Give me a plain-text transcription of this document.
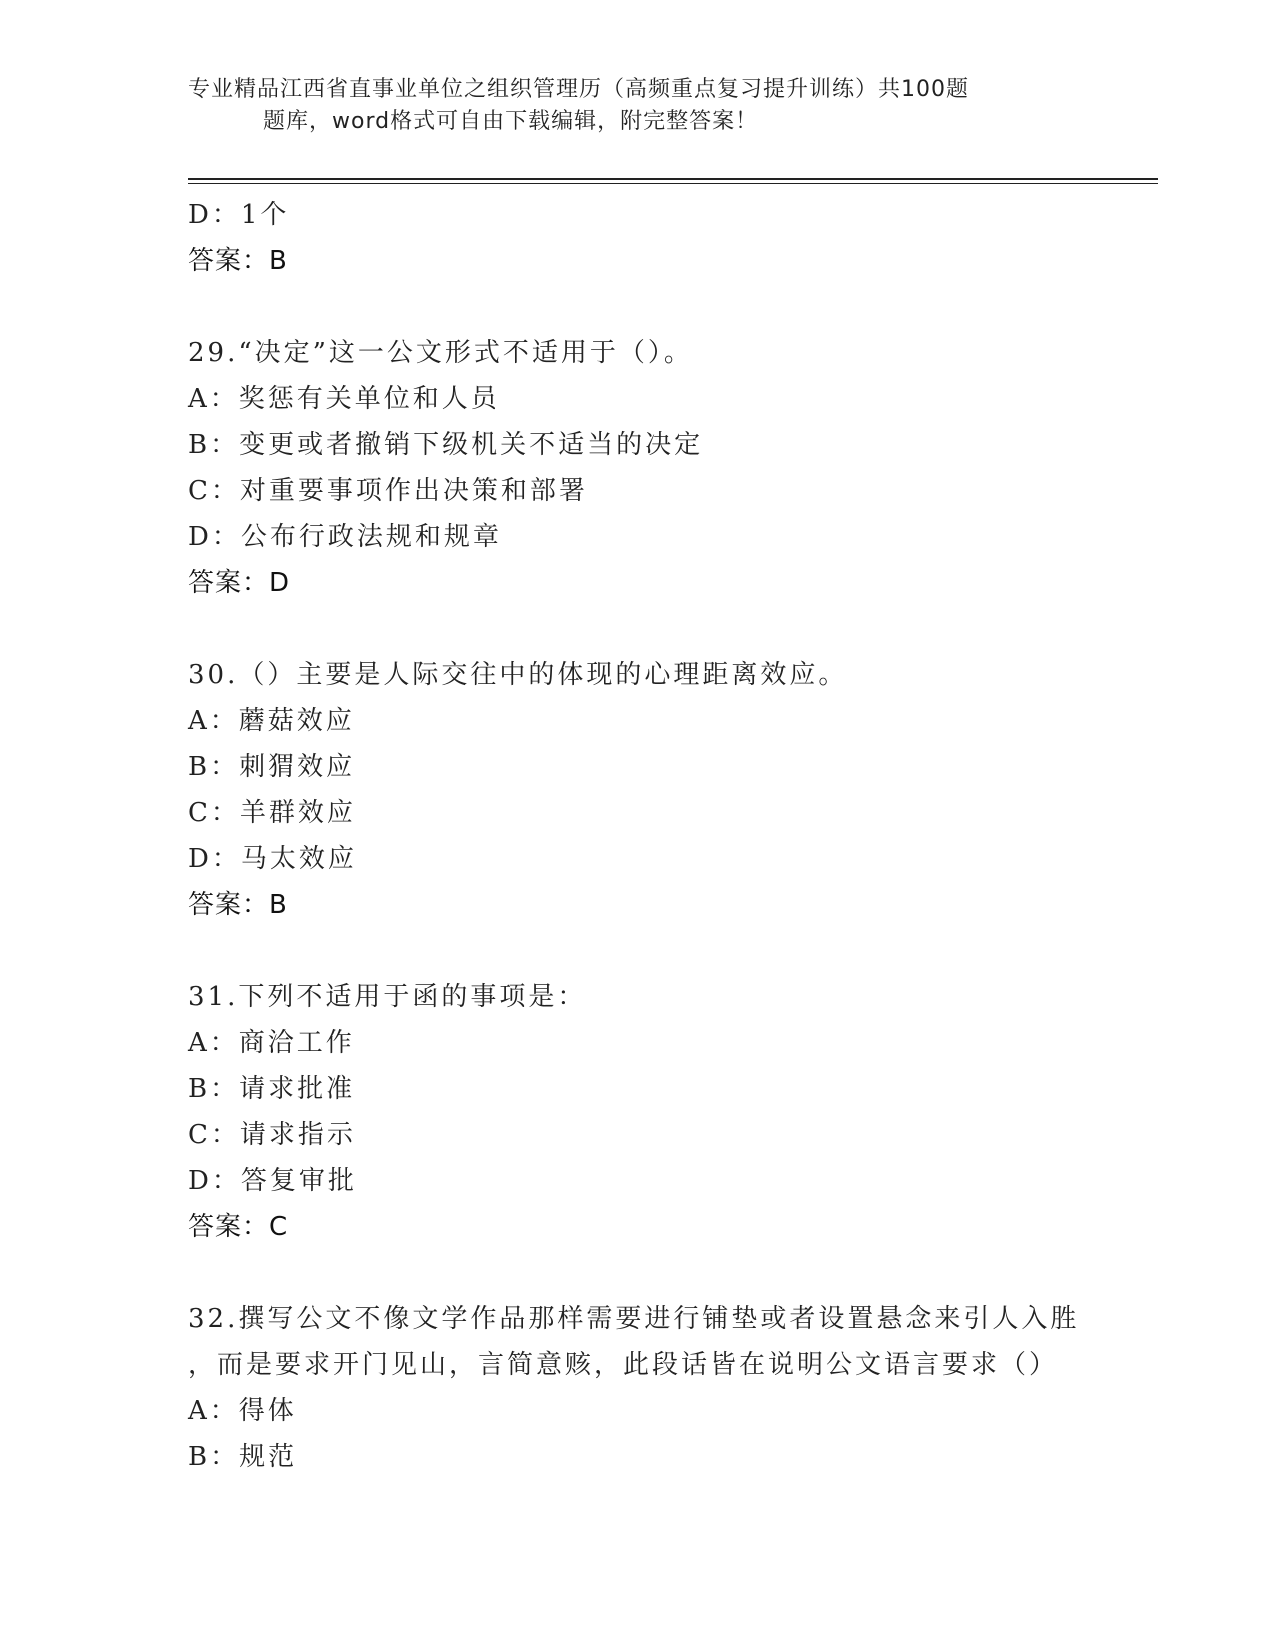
专业精品江西省直事业单位之组织管理历（高频重点复习提升训练）共100题
题库，word格式可自由下载编辑，附完整答案！
D：1个
答案：B
29.“决定”这一公文形式不适用于（）。
A：奖惩有关单位和人员
B：变更或者撤销下级机关不适当的决定
C：对重要事项作出决策和部署
D：公布行政法规和规章
答案：D
30.（）主要是人际交往中的体现的心理距离效应。
A：蘑菇效应
B：刺猬效应
C：羊群效应
D：马太效应
答案：B
31.下列不适用于函的事项是：
A：商洽工作
B：请求批准
C：请求指示
D：答复审批
答案：C
32.撰写公文不像文学作品那样需要进行铺垫或者设置悬念来引人入胜
，而是要求开门见山，言简意赅，此段话皆在说明公文语言要求（）
A：得体
B：规范
